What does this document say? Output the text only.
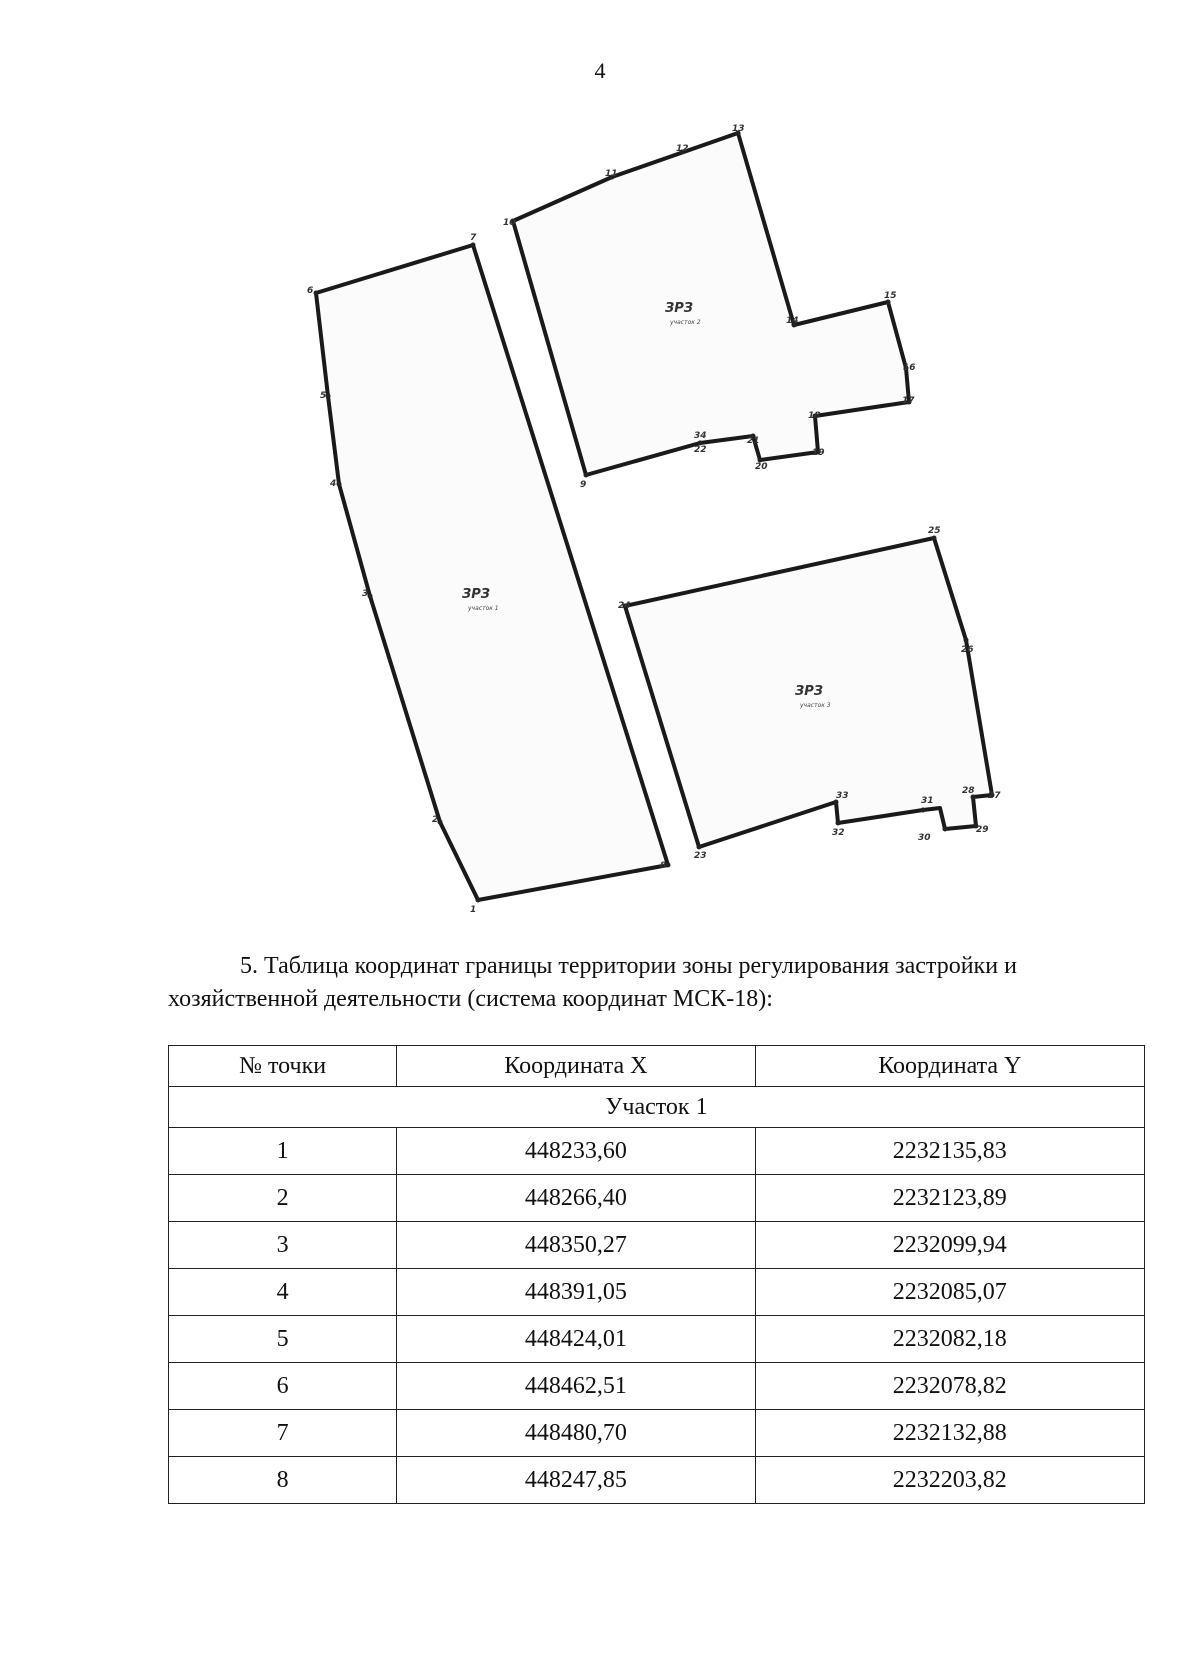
4
ЗРЗ
участок 1
ЗРЗ
участок 2
ЗРЗ
участок 3
1
2
3
4
5
6
7
8
9
10
11
12
13
14
15
16
17
18
19
20
21
22
23
24
25
26
27
28
29
30
31
32
33
34

5. Таблица координат границы территории зоны регулирования застройки и хозяйственной деятельности (система координат МСК-18):

№ точки	Координата X	Координата Y
Участок 1		
1	448233,60	2232135,83
2	448266,40	2232123,89
3	448350,27	2232099,94
4	448391,05	2232085,07
5	448424,01	2232082,18
6	448462,51	2232078,82
7	448480,70	2232132,88
8	448247,85	2232203,82
